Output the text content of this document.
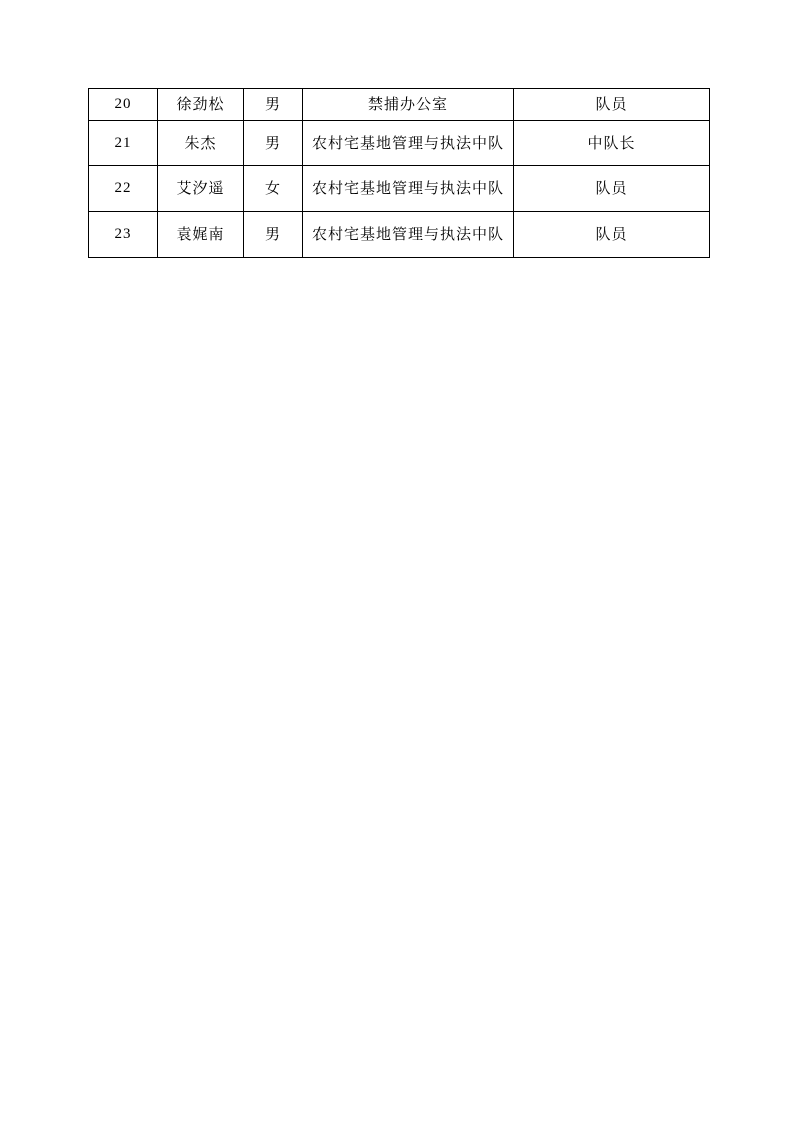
20	徐劲松	男	禁捕办公室	队员
21	朱杰	男	农村宅基地管理与执法中队	中队长
22	艾汐遥	女	农村宅基地管理与执法中队	队员
23	袁娓南	男	农村宅基地管理与执法中队	队员
